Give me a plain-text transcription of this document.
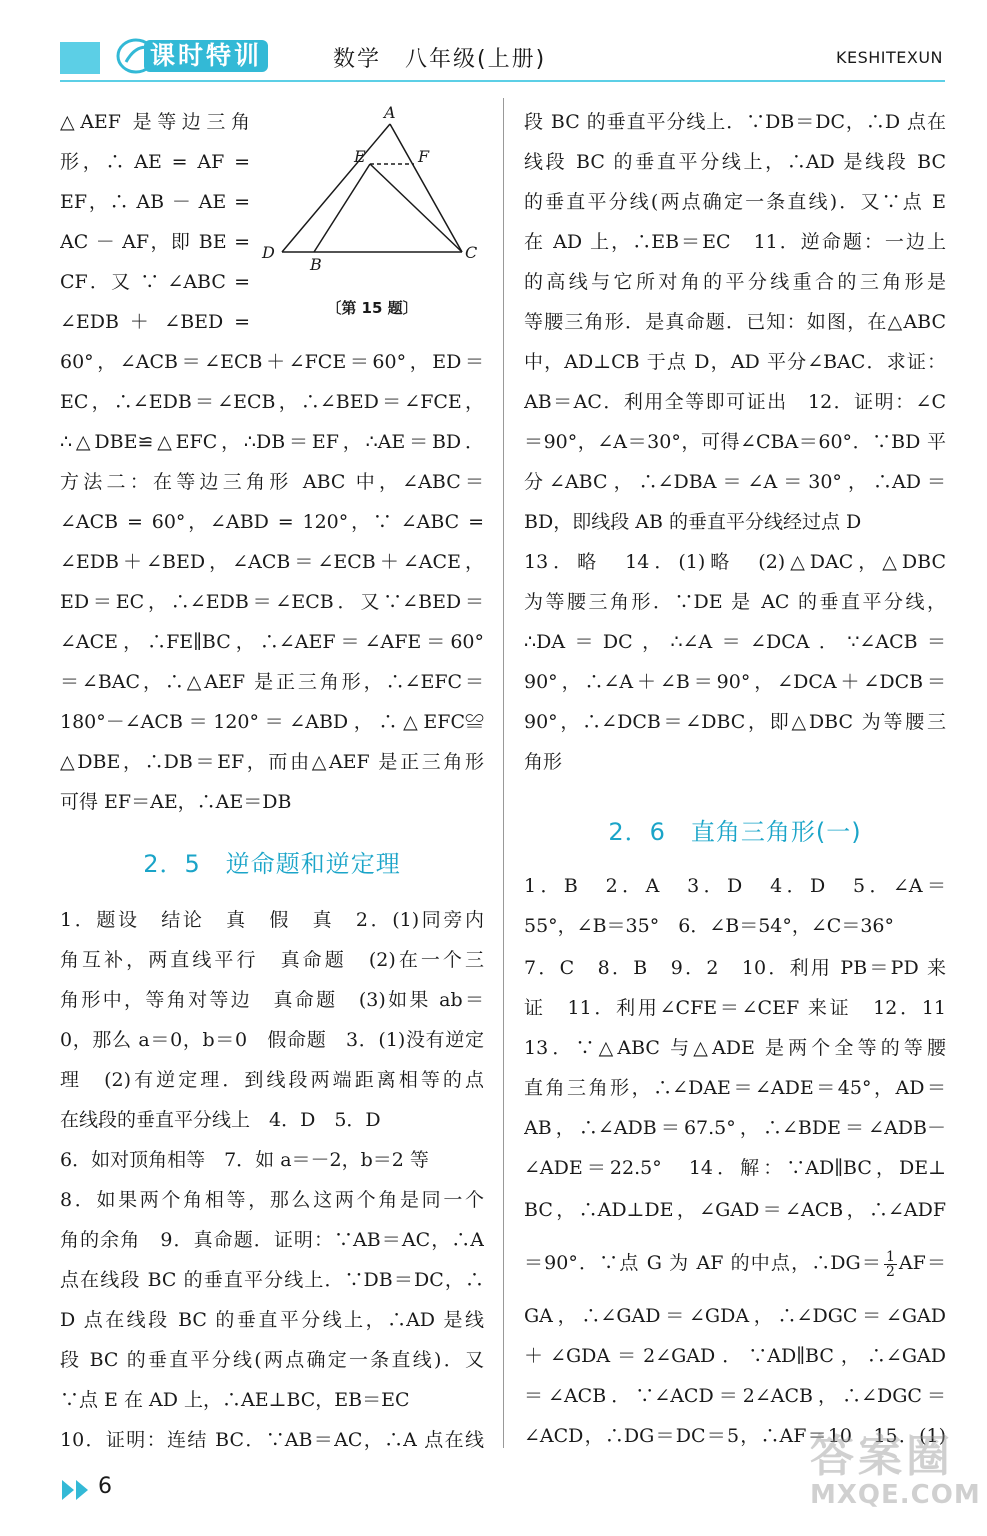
课时特训	数学　八年级(上册)	KESHITEXUN
△AEF 是等边三角
形，∴ AE = AF =
EF，∴ AB － AE =
AC － AF，即 BE =
CF．又 ∵ ∠ABC =
∠EDB ＋ ∠BED =
A
E	F
D
B
C
〔第 15 题〕
60°，∠ACB＝∠ECB＋∠FCE＝60°，ED＝
EC，∴∠EDB＝∠ECB，∴∠BED＝∠FCE，
∴△DBE≌△EFC，∴DB＝EF，∴AE＝BD．
方法二：在等边三角形 ABC 中，∠ABC＝
∠ACB = 60°，∠ABD = 120°，∵ ∠ABC =
∠EDB＋∠BED，∠ACB＝∠ECB＋∠ACE，
ED＝EC，∴∠EDB＝∠ECB．又∵∠BED＝
∠ACE，∴FE∥BC，∴∠AEF＝∠AFE＝60°
＝∠BAC，∴△AEF 是正三角形，∴∠EFC＝
180°－∠ACB＝120°＝∠ABD，∴△EFC≌
△DBE，∴DB＝EF，而由△AEF 是正三角形
可得 EF＝AE，∴AE＝DB
2．5　逆命题和逆定理
1．题设　结论　真　假　真　2．(1)同旁内
角互补，两直线平行　真命题　(2)在一个三
角形中，等角对等边　真命题　(3)如果 ab＝
0，那么 a＝0，b＝0　假命题　3．(1)没有逆定
理　(2)有逆定理．到线段两端距离相等的点
在线段的垂直平分线上　4．D　5．D
6．如对顶角相等　7．如 a＝－2，b＝2 等
8．如果两个角相等，那么这两个角是同一个
角的余角　9．真命题．证明：∵AB＝AC，∴A
点在线段 BC 的垂直平分线上．∵DB＝DC，∴
D 点在线段 BC 的垂直平分线上，∴AD 是线
段 BC 的垂直平分线(两点确定一条直线)．又
∵点 E 在 AD 上，∴AE⊥BC，EB＝EC
10．证明：连结 BC．∵AB＝AC，∴A 点在线
段 BC 的垂直平分线上．∵DB＝DC，∴D 点在
线段 BC 的垂直平分线上，∴AD 是线段 BC
的垂直平分线(两点确定一条直线)．又∵点 E
在 AD 上，∴EB＝EC　11．逆命题：一边上
的高线与它所对角的平分线重合的三角形是
等腰三角形．是真命题．已知：如图，在△ABC
中，AD⊥CB 于点 D，AD 平分∠BAC．求证：
AB＝AC．利用全等即可证出　12．证明：∠C
＝90°，∠A＝30°，可得∠CBA＝60°．∵BD 平
分∠ABC，∴∠DBA＝∠A＝30°，∴AD＝
BD，即线段 AB 的垂直平分线经过点 D
13．略　14．(1)略　(2)△DAC，△DBC
为等腰三角形．∵DE 是 AC 的垂直平分线，
∴DA＝DC，∴∠A＝∠DCA．∵∠ACB＝
90°，∴∠A＋∠B＝90°，∠DCA＋∠DCB＝
90°，∴∠DCB＝∠DBC，即△DBC 为等腰三
角形
2．6　直角三角形(一)
1．B　2．A　3．D　4．D　5．∠A＝
55°，∠B＝35°　6．∠B＝54°，∠C＝36°
7．C　8．B　9．2　10．利用 PB＝PD 来
证　11．利用∠CFE＝∠CEF 来证　12．11
13．∵△ABC 与△ADE 是两个全等的等腰
直角三角形，∴∠DAE＝∠ADE＝45°，AD＝
AB，∴∠ADB＝67.5°，∴∠BDE＝∠ADB－
∠ADE＝22.5°　14．解：∵AD∥BC，DE⊥
BC，∴AD⊥DE，∠GAD＝∠ACB，∴∠ADF
＝90°．∵点 G 为 AF 的中点，∴DG＝ $\frac{1}{2} AF=$
GA，∴∠GAD＝∠GDA，∴∠DGC＝∠GAD
＋∠GDA＝2∠GAD．∵AD∥BC，∴∠GAD
＝∠ACB．∵∠ACD＝2∠ACB，∴∠DGC＝
∠ACD，∴DG＝DC＝5，∴AF＝10　15．(1)
6
答案圈
MXQE.COM
